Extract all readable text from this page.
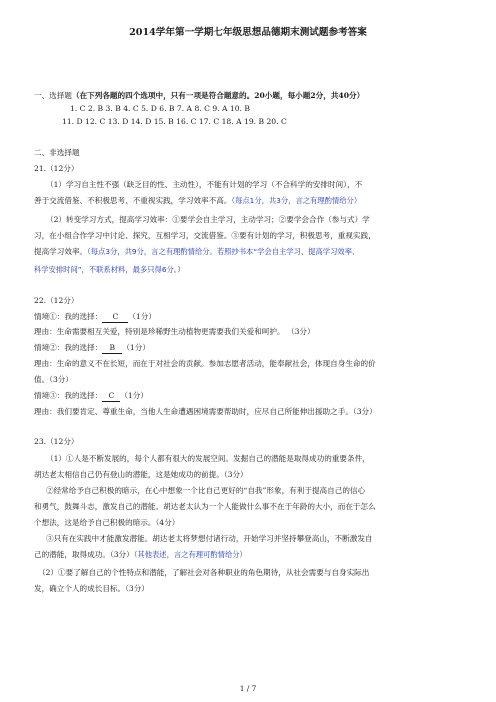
2014学年第一学期七年级思想品德期末测试题参考答案
一、选择题（在下列各题的四个选项中，只有一项是符合题意的。20小题，每小题2分，共40分）
1. C 2. B 3. B 4. C 5. D 6. B 7. A 8. C 9. A 10. B
11. D 12. C 13. D 14. D 15. B 16. C 17. C 18. A 19. B 20. C
二、非选择题
21.（12分）
（1）学习自主性不强（缺乏目的性、主动性），不能有计划的学习（不合科学的安排时间），不
善于交流借鉴、不积极思考、不重视实践，学习效率不高。（每点1分，共3分，言之有理酌情给分）
（2）转变学习方式，提高学习效率：①要学会自主学习，主动学习；②要学会合作（参与式）学
习，在小组合作学习中讨论、探究，互相学习，交流借鉴。③要有计划的学习，积极思考，重视实践，
提高学习效率。（每点3分，共9分，言之有理酌情给分。若照抄书本“学会自主学习、提高学习效率、
科学安排时间”，不联系材料，最多只得6分。）
22.（12分）
情境①：我的选择： C （1分）
理由：生命需要相互关爱，特别是珍稀野生动植物更需要我们关爱和呵护。 （3分）
情境②：我的选择： B （1分）
理由：生命的意义不在长短，而在于对社会的贡献。参加志愿者活动，能奉献社会，体现自身生命的价
值。（3分）
情境③：我的选择： C （1分）
理由：我们要肯定、尊重生命，当他人生命遭遇困境需要帮助时，应尽自己所能伸出援助之手。（3分）
23.（12分）
（1）①人是不断发展的，每个人都有很大的发展空间。发掘自己的潜能是取得成功的重要条件，
胡达老太相信自己仍有登山的潜能，这是她成功的前提。（3分）
②经常给予自己积极的暗示，在心中想象一个比自己更好的“自我”形象，有利于提高自己的信心
和勇气，鼓舞斗志，激发自己的潜能。胡达老太认为一个人能做什么事不在于年龄的大小，而在于怎么
个想法，这是给予自己积极的暗示。（4分）
③只有在实践中才能激发潜能。胡达老太将梦想付诸行动，开始学习并坚持攀登高山，不断激发自
己的潜能，取得成功。（3分）（其他表述，言之有理可酌情给分）
（2）①要了解自己的个性特点和潜能，了解社会对各种职业的角色期待，从社会需要与自身实际出
发，确立个人的成长目标。（3分）
1 / 7
